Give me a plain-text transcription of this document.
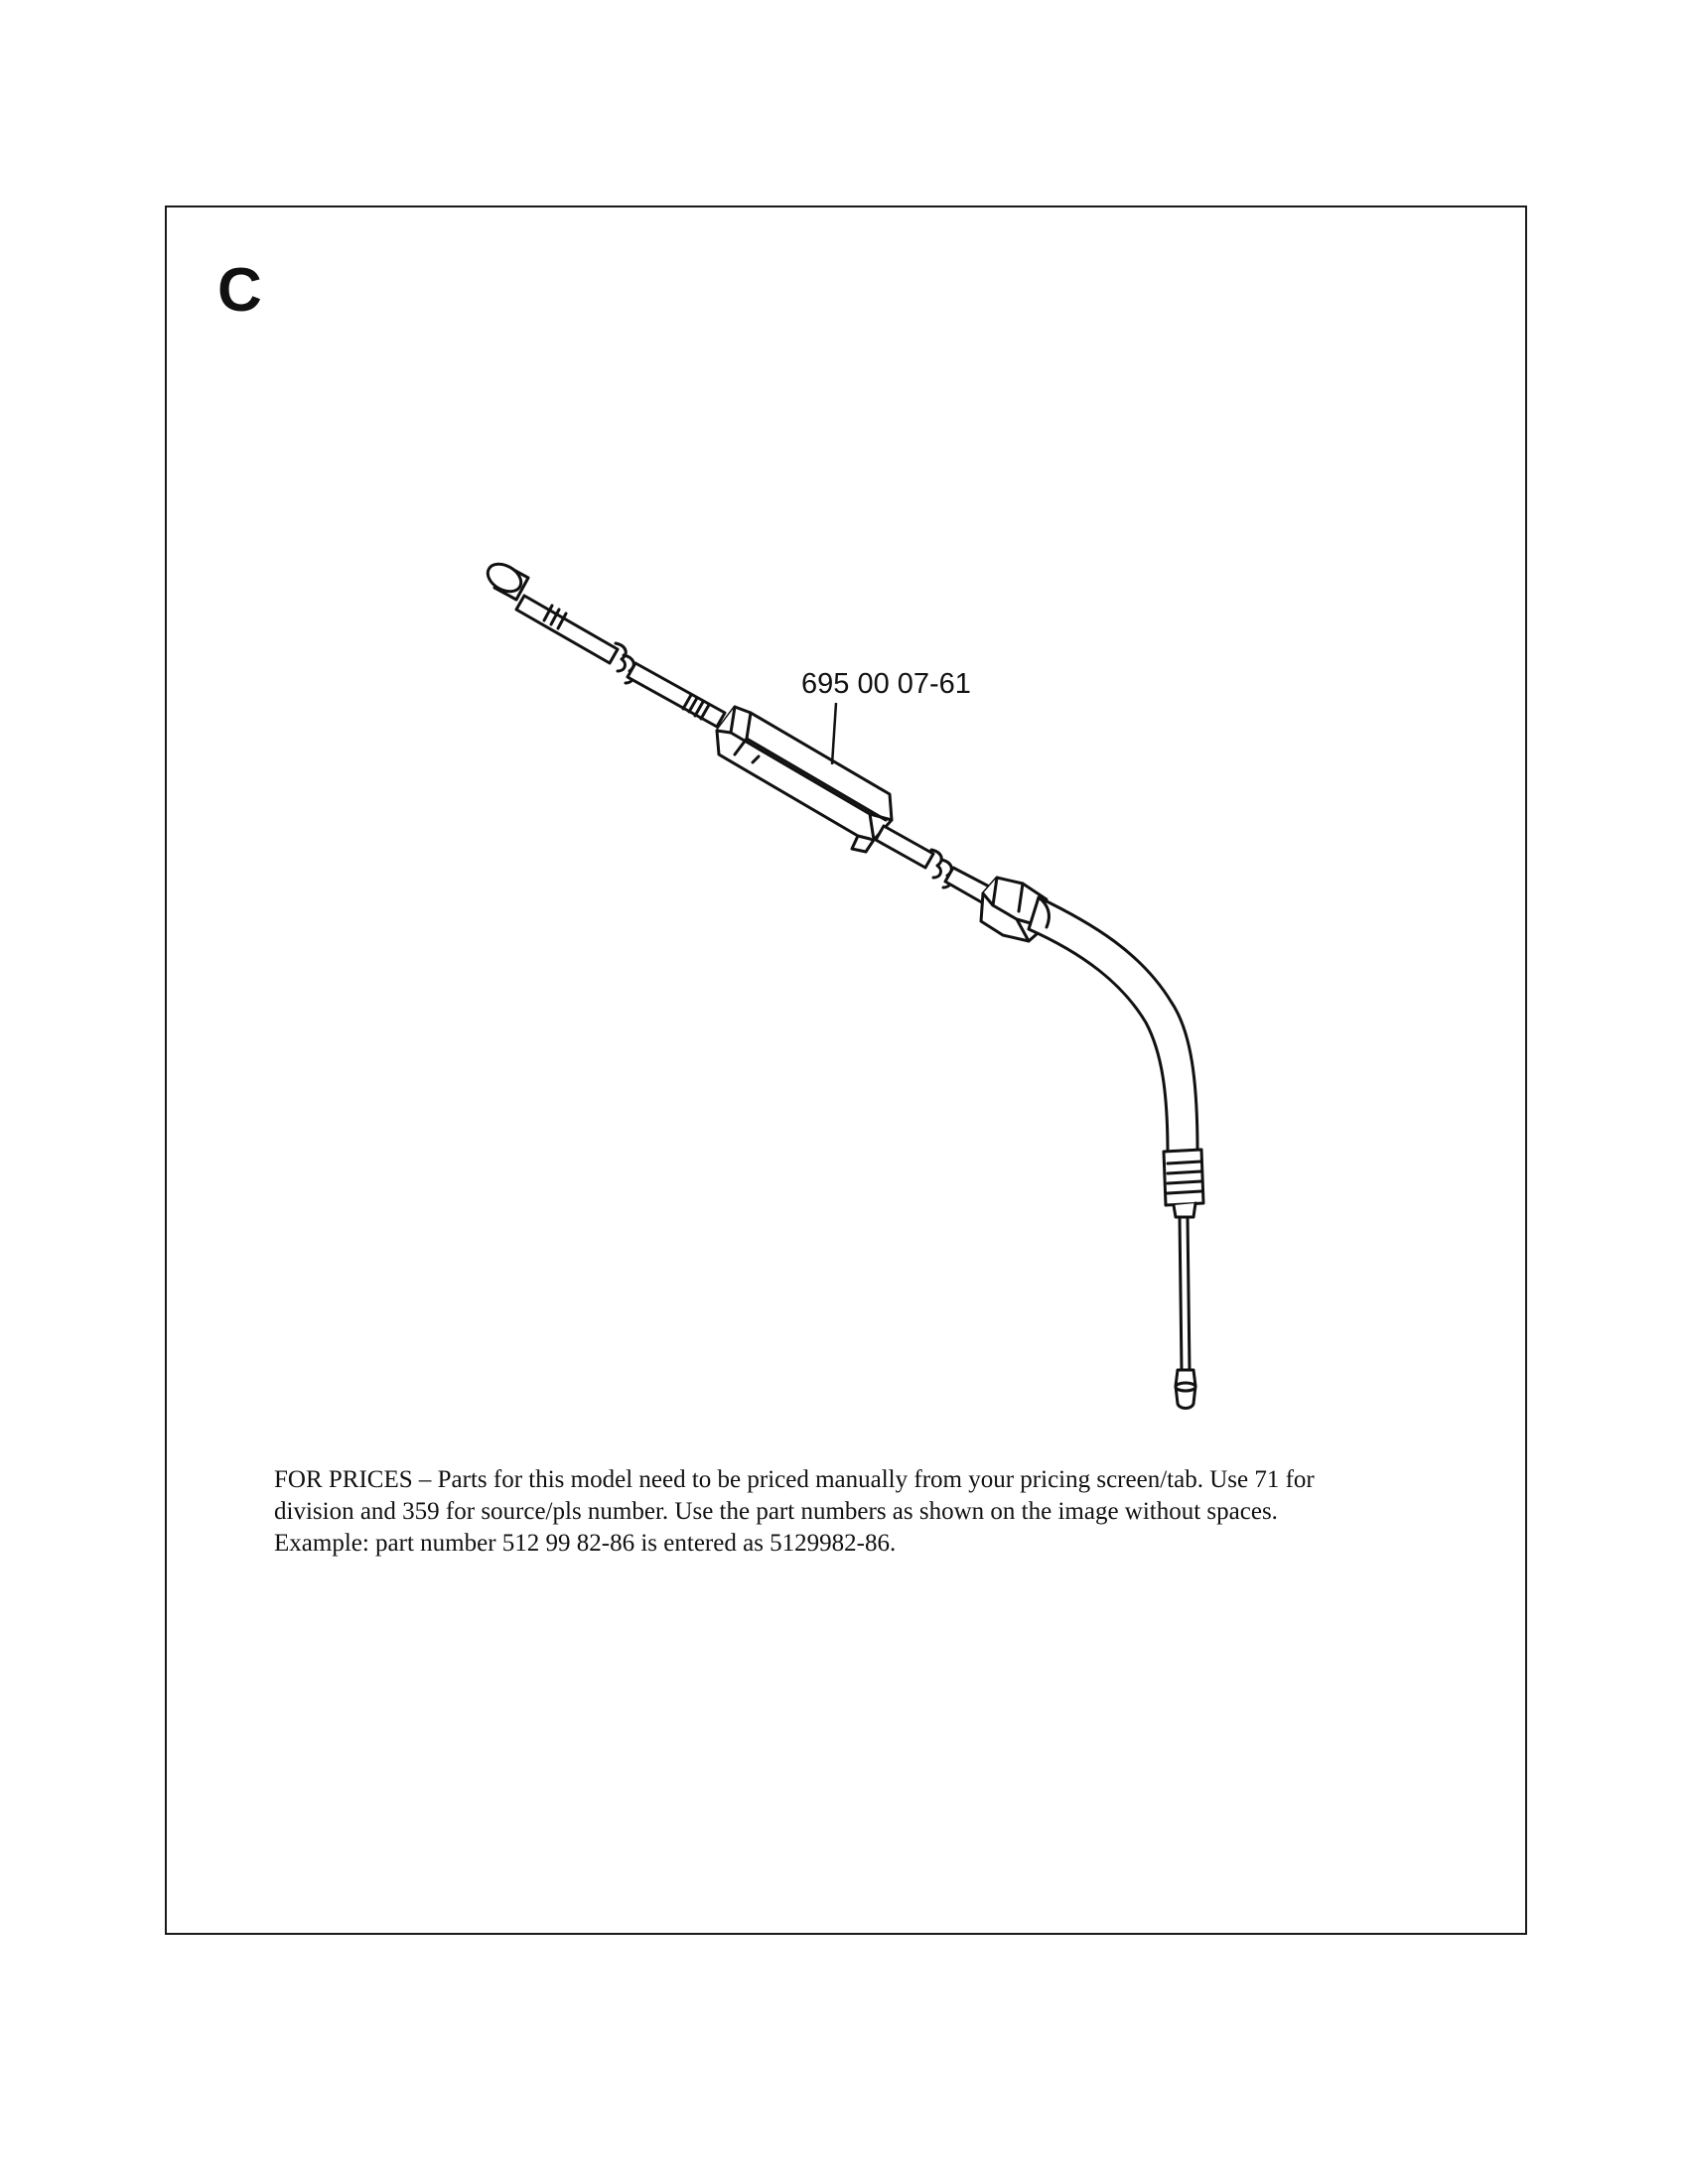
C
695 00 07-61

FOR PRICES – Parts for this model need to be priced manually from your pricing screen/tab. Use 71 for

division and 359 for source/pls number. Use the part numbers as shown on the image without spaces.

Example: part number 512 99 82-86 is entered as 5129982-86.
